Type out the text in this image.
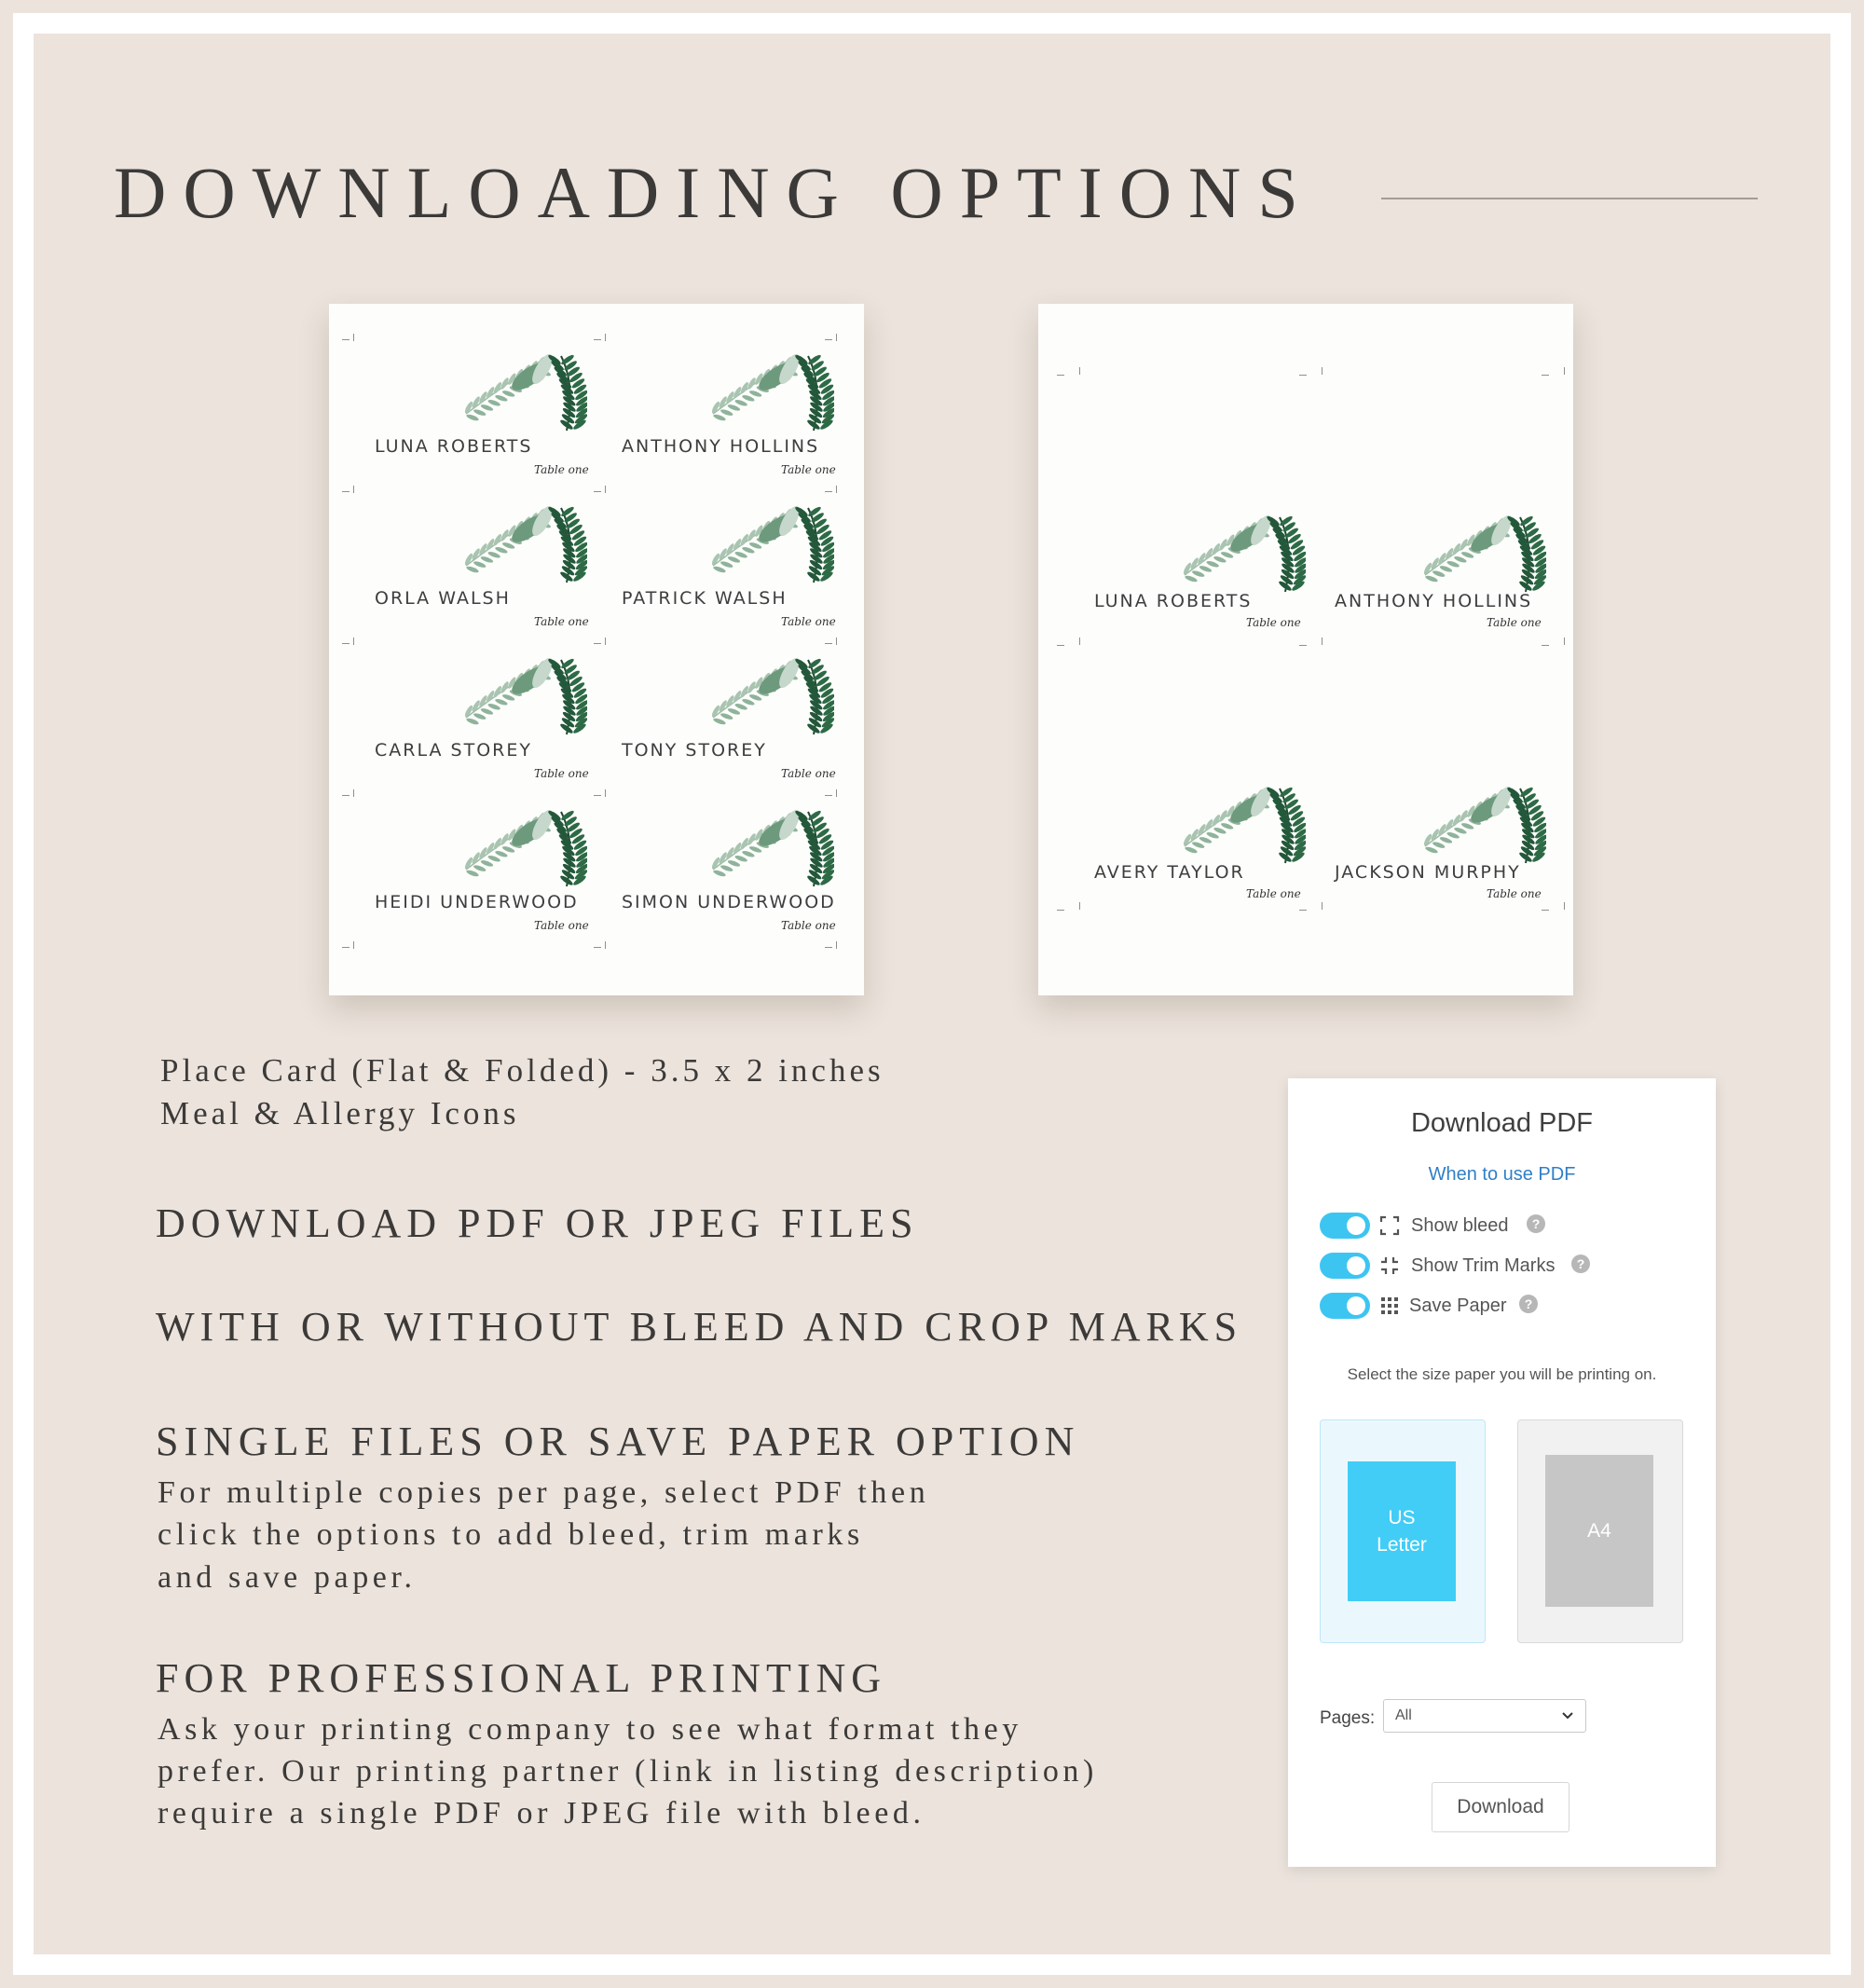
DOWNLOADING OPTIONS
LUNA ROBERTS
Table one
ANTHONY HOLLINS
Table one
ORLA WALSH
Table one
PATRICK WALSH
Table one
CARLA STOREY
Table one
TONY STOREY
Table one
HEIDI UNDERWOOD
Table one
SIMON UNDERWOOD
Table one
LUNA ROBERTS
Table one
ANTHONY HOLLINS
Table one
AVERY TAYLOR
Table one
JACKSON MURPHY
Table one
Place Card (Flat & Folded) - 3.5 x 2 inches
Meal & Allergy Icons
DOWNLOAD PDF OR JPEG FILES
WITH OR WITHOUT BLEED AND CROP MARKS
SINGLE FILES OR SAVE PAPER OPTION
For multiple copies per page, select PDF then
click the options to add bleed, trim marks
and save paper.
FOR PROFESSIONAL PRINTING
Ask your printing company to see what format they
prefer. Our printing partner (link in listing description)
require a single PDF or JPEG file with bleed.
Download PDF
When to use PDF
Show bleed	?
Show Trim Marks	?
Save Paper	?
Select the size paper you will be printing on.
US
Letter
A4
Pages:	All
Download
